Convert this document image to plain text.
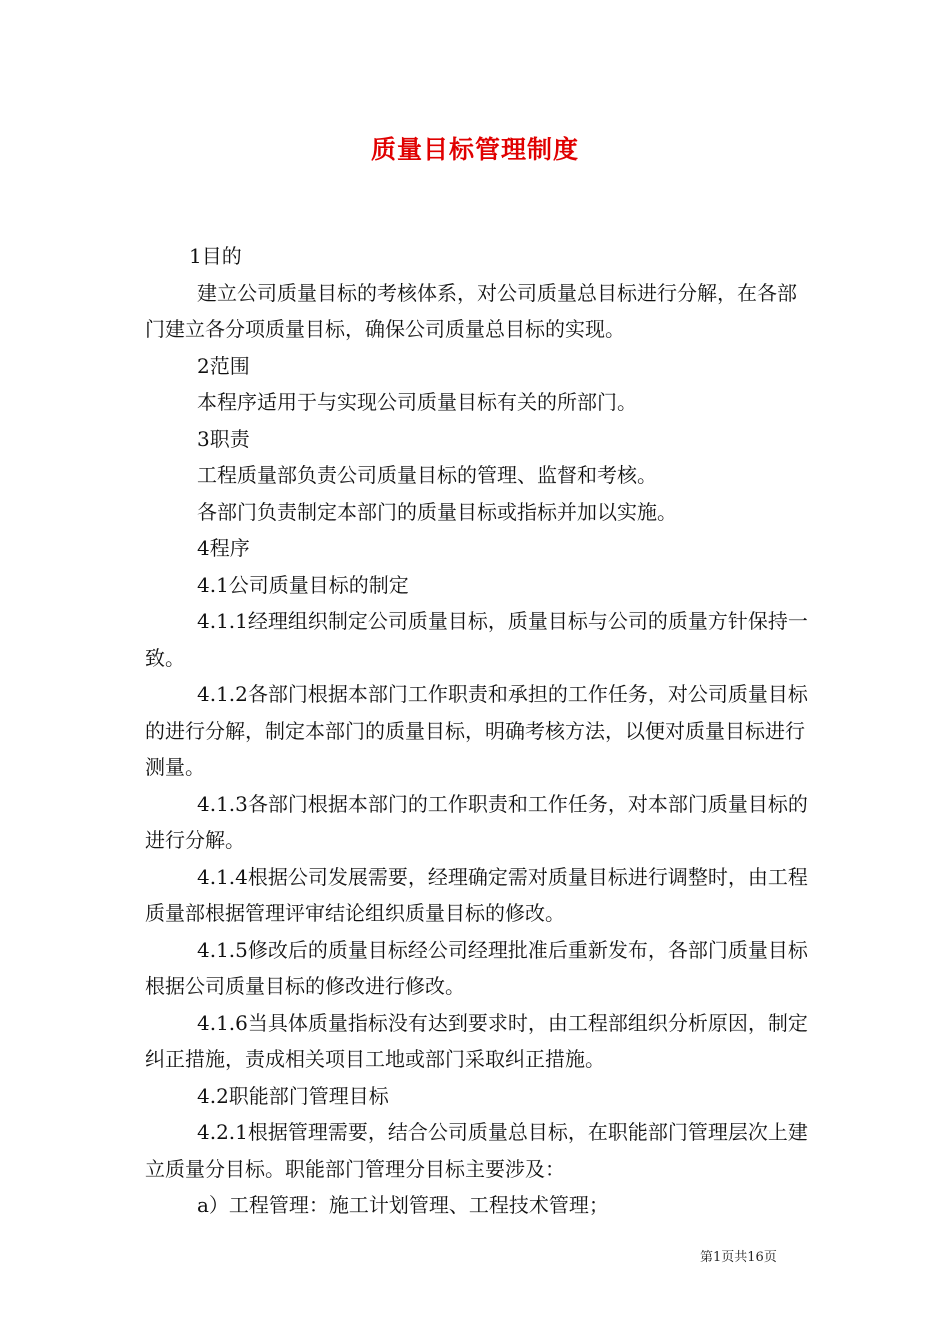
质量目标管理制度

1目的

建立公司质量目标的考核体系，对公司质量总目标进行分解，在各部门建立各分项质量目标，确保公司质量总目标的实现。

2范围

本程序适用于与实现公司质量目标有关的所部门。

3职责

工程质量部负责公司质量目标的管理、监督和考核。

各部门负责制定本部门的质量目标或指标并加以实施。

4程序

4.1公司质量目标的制定

4.1.1经理组织制定公司质量目标，质量目标与公司的质量方针保持一致。

4.1.2各部门根据本部门工作职责和承担的工作任务，对公司质量目标的进行分解，制定本部门的质量目标，明确考核方法，以便对质量目标进行测量。

4.1.3各部门根据本部门的工作职责和工作任务，对本部门质量目标的进行分解。

4.1.4根据公司发展需要，经理确定需对质量目标进行调整时，由工程质量部根据管理评审结论组织质量目标的修改。

4.1.5修改后的质量目标经公司经理批准后重新发布，各部门质量目标根据公司质量目标的修改进行修改。

4.1.6当具体质量指标没有达到要求时，由工程部组织分析原因，制定纠正措施，责成相关项目工地或部门采取纠正措施。

4.2职能部门管理目标

4.2.1根据管理需要，结合公司质量总目标，在职能部门管理层次上建立质量分目标。职能部门管理分目标主要涉及：

a）工程管理：施工计划管理、工程技术管理；

第1页共16页
